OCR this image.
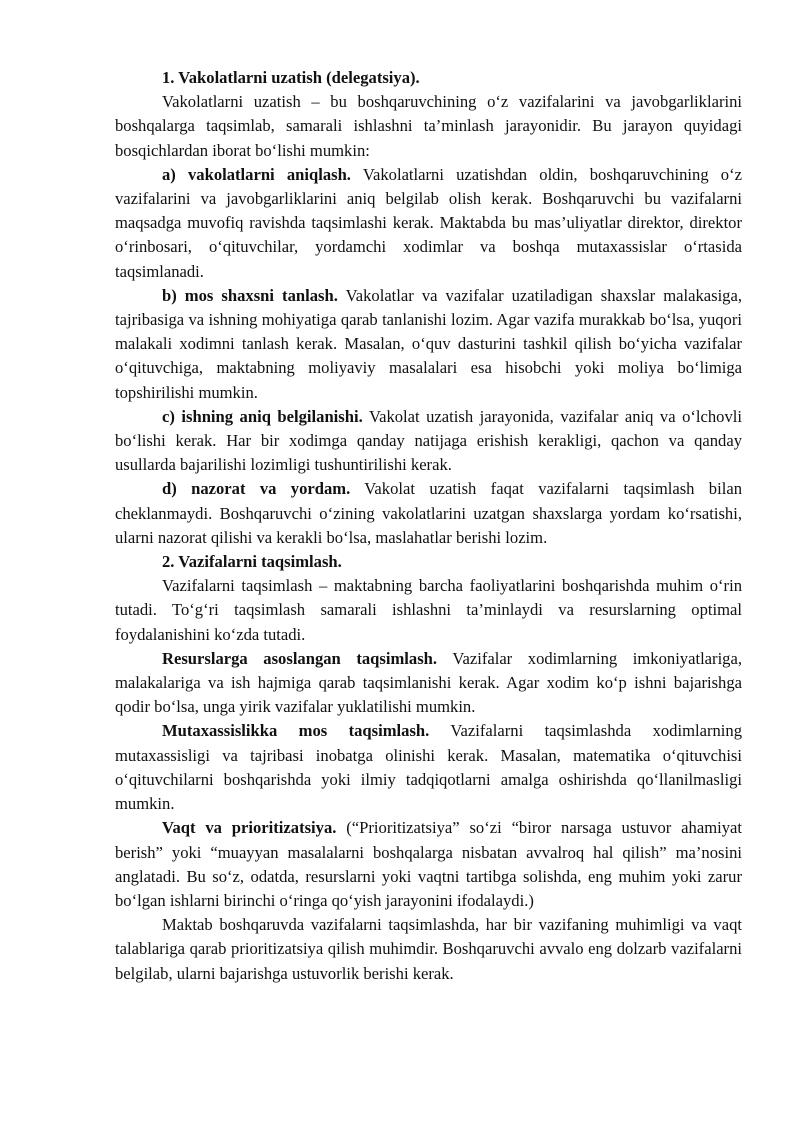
1. Vakolatlarni uzatish (delegatsiya).

Vakolatlarni uzatish – bu boshqaruvchining o‘z vazifalarini va javobgarliklarini boshqalarga taqsimlab, samarali ishlashni ta’minlash jarayonidir. Bu jarayon quyidagi bosqichlardan iborat bo‘lishi mumkin:

a) vakolatlarni aniqlash. Vakolatlarni uzatishdan oldin, boshqaruvchining o‘z vazifalarini va javobgarliklarini aniq belgilab olish kerak. Boshqaruvchi bu vazifalarni maqsadga muvofiq ravishda taqsimlashi kerak. Maktabda bu mas’uliyatlar direktor, direktor o‘rinbosari, o‘qituvchilar, yordamchi xodimlar va boshqa mutaxassislar o‘rtasida taqsimlanadi.

b) mos shaxsni tanlash. Vakolatlar va vazifalar uzatiladigan shaxslar malakasiga, tajribasiga va ishning mohiyatiga qarab tanlanishi lozim. Agar vazifa murakkab bo‘lsa, yuqori malakali xodimni tanlash kerak. Masalan, o‘quv dasturini tashkil qilish bo‘yicha vazifalar o‘qituvchiga, maktabning moliyaviy masalalari esa hisobchi yoki moliya bo‘limiga topshirilishi mumkin.

c) ishning aniq belgilanishi. Vakolat uzatish jarayonida, vazifalar aniq va o‘lchovli bo‘lishi kerak. Har bir xodimga qanday natijaga erishish kerakligi, qachon va qanday usullarda bajarilishi lozimligi tushuntirilishi kerak.

d) nazorat va yordam. Vakolat uzatish faqat vazifalarni taqsimlash bilan cheklanmaydi. Boshqaruvchi o‘zining vakolatlarini uzatgan shaxslarga yordam ko‘rsatishi, ularni nazorat qilishi va kerakli bo‘lsa, maslahatlar berishi lozim.

2. Vazifalarni taqsimlash.

Vazifalarni taqsimlash – maktabning barcha faoliyatlarini boshqarishda muhim o‘rin tutadi. To‘g‘ri taqsimlash samarali ishlashni ta’minlaydi va resurslarning optimal foydalanishini ko‘zda tutadi.

Resurslarga asoslangan taqsimlash. Vazifalar xodimlarning imkoniyatlariga, malakalariga va ish hajmiga qarab taqsimlanishi kerak. Agar xodim ko‘p ishni bajarishga qodir bo‘lsa, unga yirik vazifalar yuklatilishi mumkin.

Mutaxassislikka mos taqsimlash. Vazifalarni taqsimlashda xodimlarning mutaxassisligi va tajribasi inobatga olinishi kerak. Masalan, matematika o‘qituvchisi o‘qituvchilarni boshqarishda yoki ilmiy tadqiqotlarni amalga oshirishda qo‘llanilmasligi mumkin.

Vaqt va prioritizatsiya. (“Prioritizatsiya” so‘zi “biror narsaga ustuvor ahamiyat berish” yoki “muayyan masalalarni boshqalarga nisbatan avvalroq hal qilish” ma’nosini anglatadi. Bu so‘z, odatda, resurslarni yoki vaqtni tartibga solishda, eng muhim yoki zarur bo‘lgan ishlarni birinchi o‘ringa qo‘yish jarayonini ifodalaydi.)

Maktab boshqaruvda vazifalarni taqsimlashda, har bir vazifaning muhimligi va vaqt talablariga qarab prioritizatsiya qilish muhimdir. Boshqaruvchi avvalo eng dolzarb vazifalarni belgilab, ularni bajarishga ustuvorlik berishi kerak.
